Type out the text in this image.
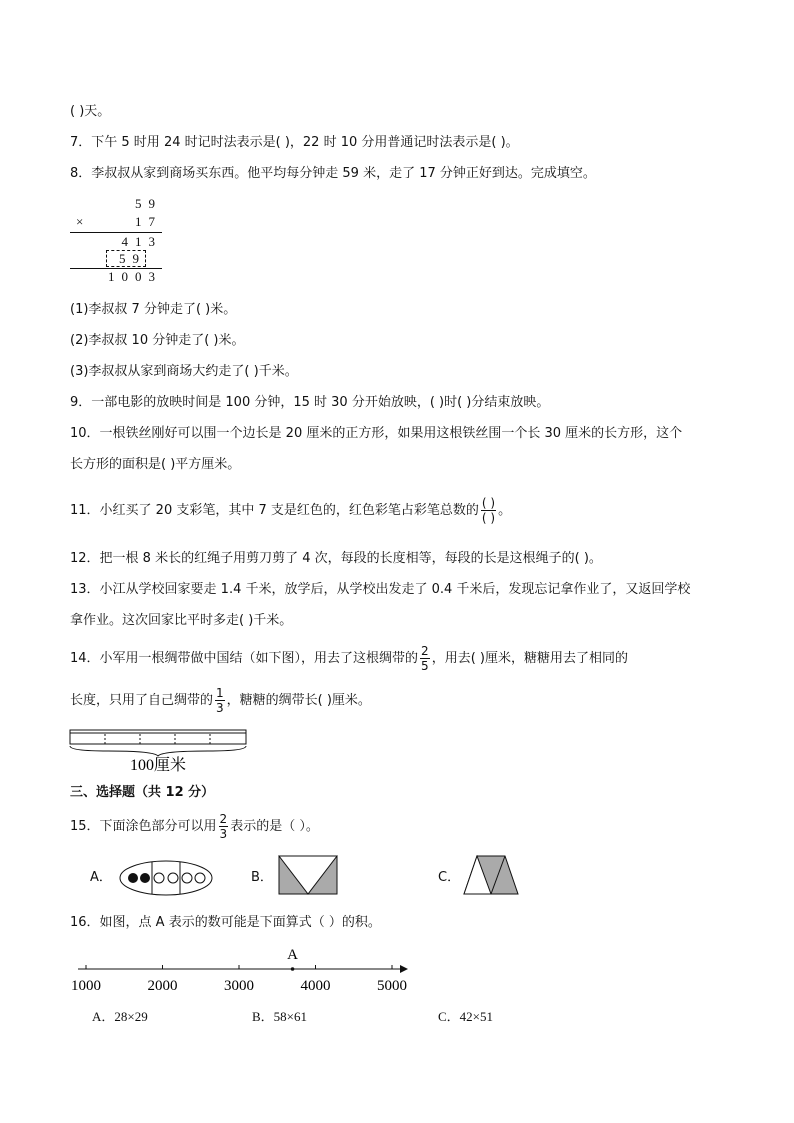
( )天。
7．下午 5 时用 24 时记时法表示是( )，22 时 10 分用普通记时法表示是( )。
8．李叔叔从家到商场买东西。他平均每分钟走 59 米，走了 17 分钟正好到达。完成填空。
×
59
17
413
59
1003
(1)李叔叔 7 分钟走了( )米。
(2)李叔叔 10 分钟走了( )米。
(3)李叔叔从家到商场大约走了( )千米。
9．一部电影的放映时间是 100 分钟，15 时 30 分开始放映，( )时( )分结束放映。
10．一根铁丝刚好可以围一个边长是 20 厘米的正方形，如果用这根铁丝围一个长 30 厘米的长方形，这个
长方形的面积是( )平方厘米。
11．小红买了 20 支彩笔，其中 7 支是红色的，红色彩笔占彩笔总数的 $\frac{( )}{( )}$ 。
12．把一根 8 米长的红绳子用剪刀剪了 4 次，每段的长度相等，每段的长是这根绳子的( )。
13．小江从学校回家要走 1.4 千米，放学后，从学校出发走了 0.4 千米后，发现忘记拿作业了，又返回学校
拿作业。这次回家比平时多走( )千米。
14．小军用一根绸带做中国结（如下图），用去了这根绸带的 $\frac{2}{5}$ ，用去( )厘米，糖糖用去了相同的
长度，只用了自己绸带的 $\frac{1}{3}$ ，糖糖的绸带长( )厘米。
100厘米
三、选择题（共 12 分）
15．下面涂色部分可以用 $\frac{2}{3}$ 表示的是（ ）。
A．	B．	C．
16．如图，点 A 表示的数可能是下面算式（ ）的积。
1000	2000	3000	4000	5000
A
A．28×29	B．58×61	C．42×51
